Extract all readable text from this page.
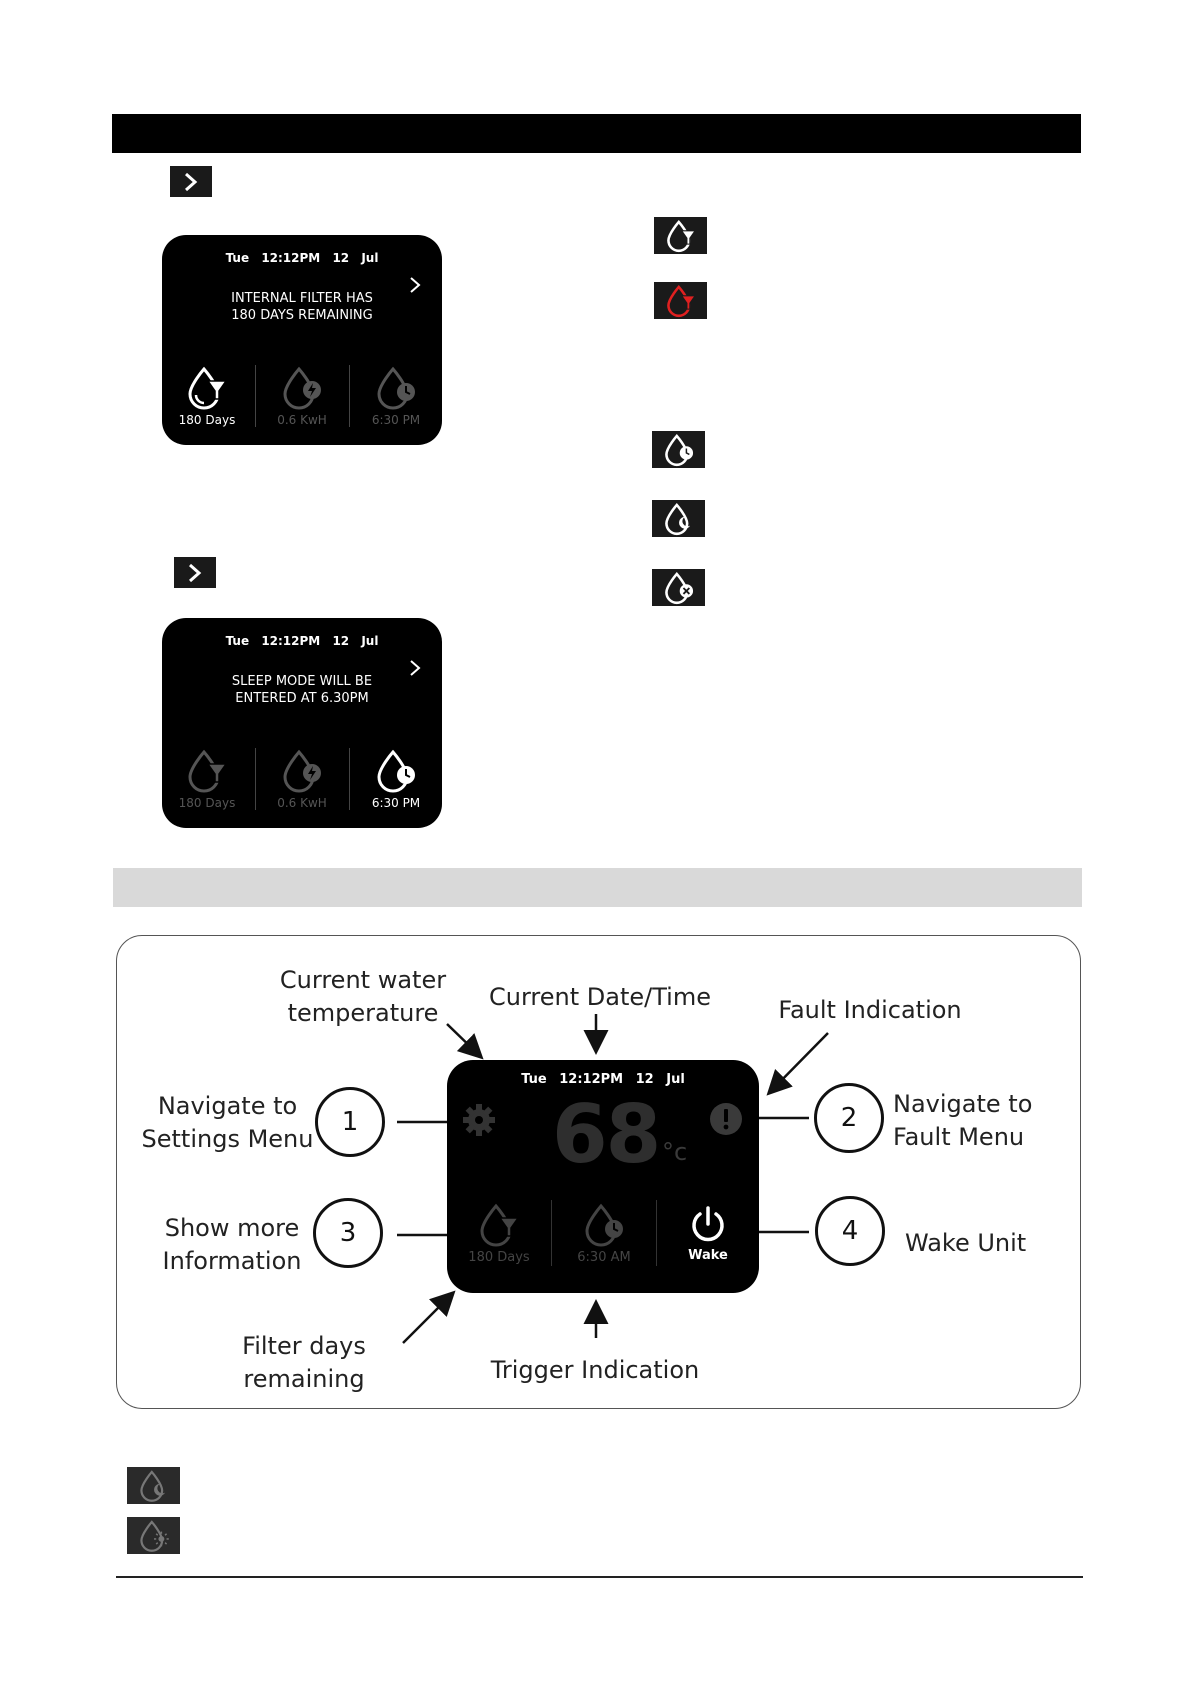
Tue 12:12PM 12 Jul
INTERNAL FILTER HAS
180 DAYS REMAINING
180 Days	0.6 KwH	6:30 PM
Tue 12:12PM 12 Jul
SLEEP MODE WILL BE
ENTERED AT 6.30PM
180 Days	0.6 KwH	6:30 PM
Current water
temperature
Current Date/Time	Fault Indication
Navigate to
Settings Menu
Navigate to
Fault Menu
Show more
Information
Wake Unit
Filter days
remaining	Trigger Indication
1	2
3	4
Tue 12:12PM 12 Jul
68 °c
180 Days	6:30 AM	Wake
